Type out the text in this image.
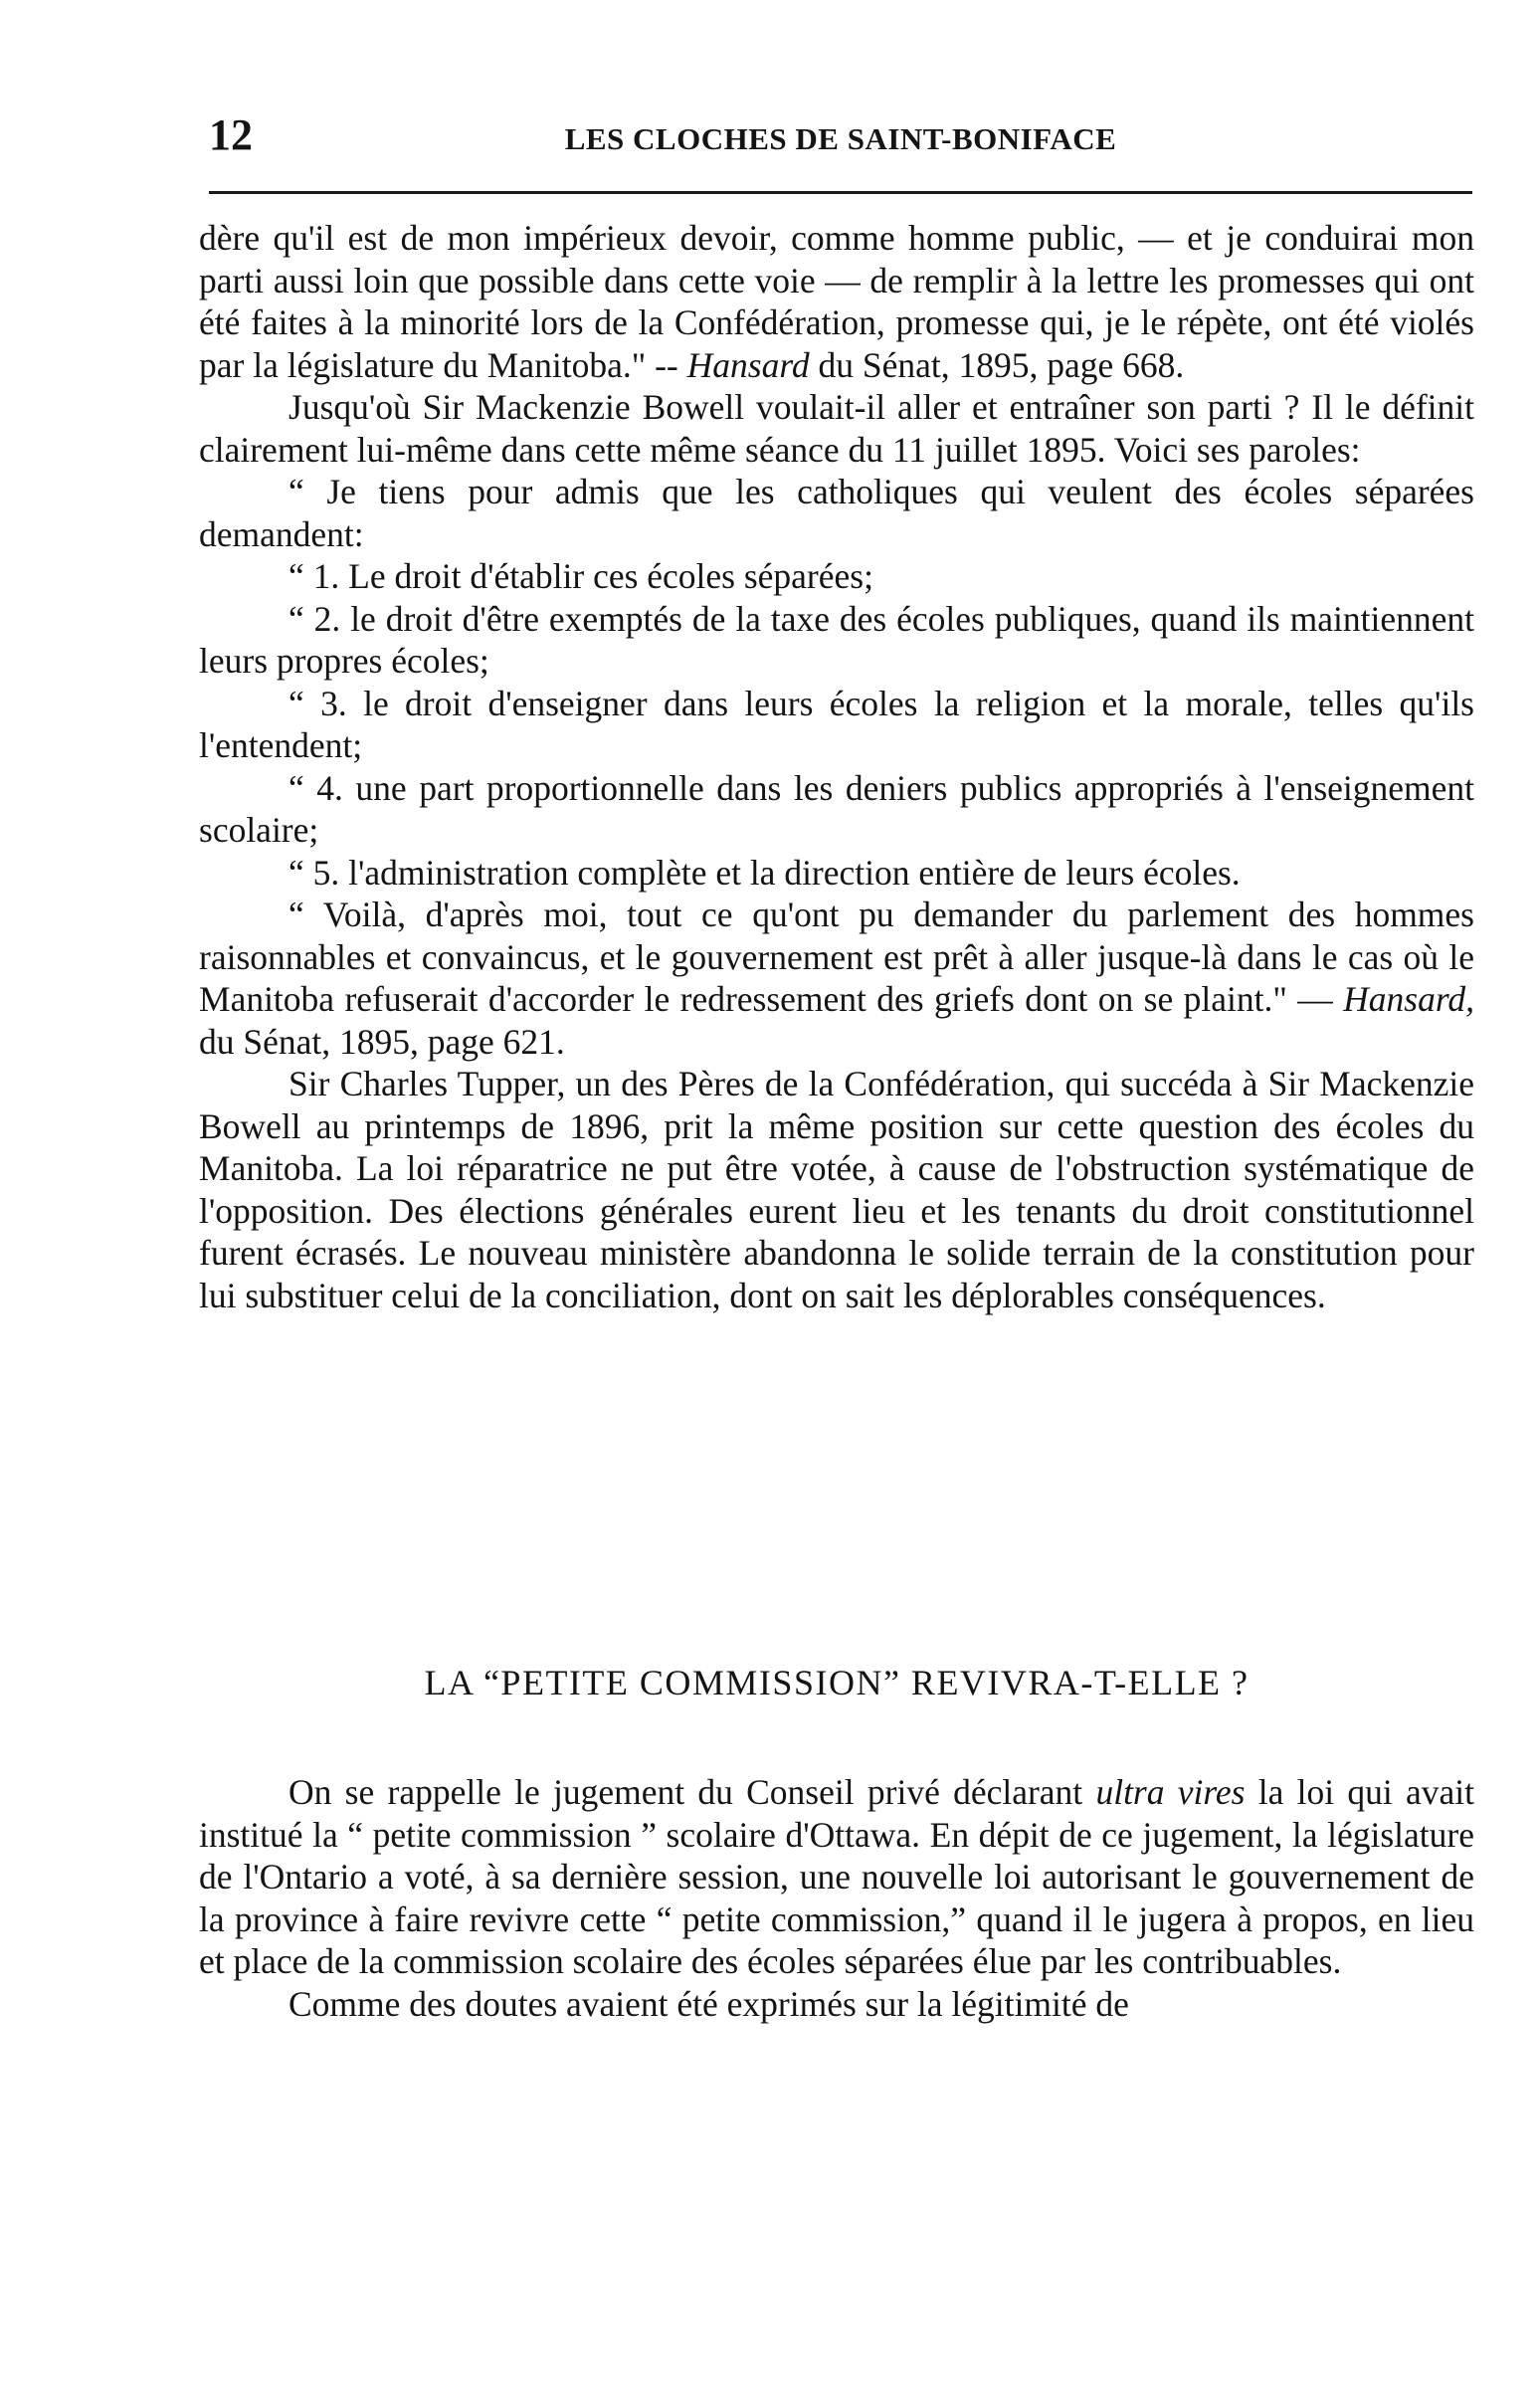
12	LES CLOCHES DE SAINT-BONIFACE

dère qu'il est de mon impérieux devoir, comme homme public, — et je conduirai mon parti aussi loin que possible dans cette voie — de remplir à la lettre les promesses qui ont été faites à la minorité lors de la Confédération, promesse qui, je le répète, ont été violés par la législature du Manitoba." -- Hansard du Sénat, 1895, page 668.

Jusqu'où Sir Mackenzie Bowell voulait-il aller et entraîner son parti ? Il le définit clairement lui-même dans cette même séance du 11 juillet 1895. Voici ses paroles:

“ Je tiens pour admis que les catholiques qui veulent des écoles séparées demandent:

“ 1. Le droit d'établir ces écoles séparées;

“ 2. le droit d'être exemptés de la taxe des écoles publiques, quand ils maintiennent leurs propres écoles;

“ 3. le droit d'enseigner dans leurs écoles la religion et la morale, telles qu'ils l'entendent;

“ 4. une part proportionnelle dans les deniers publics appropriés à l'enseignement scolaire;

“ 5. l'administration complète et la direction entière de leurs écoles.

“ Voilà, d'après moi, tout ce qu'ont pu demander du parlement des hommes raisonnables et convaincus, et le gouvernement est prêt à aller jusque-là dans le cas où le Manitoba refuserait d'accorder le redressement des griefs dont on se plaint." — Hansard, du Sénat, 1895, page 621.

Sir Charles Tupper, un des Pères de la Confédération, qui succéda à Sir Mackenzie Bowell au printemps de 1896, prit la même position sur cette question des écoles du Manitoba. La loi réparatrice ne put être votée, à cause de l'obstruction systématique de l'opposition. Des élections générales eurent lieu et les tenants du droit constitutionnel furent écrasés. Le nouveau ministère abandonna le solide terrain de la constitution pour lui substituer celui de la conciliation, dont on sait les déplorables conséquences.

LA “PETITE COMMISSION” REVIVRA-T-ELLE ?

On se rappelle le jugement du Conseil privé déclarant ultra vires la loi qui avait institué la “ petite commission ” scolaire d'Ottawa. En dépit de ce jugement, la législature de l'Ontario a voté, à sa dernière session, une nouvelle loi autorisant le gouvernement de la province à faire revivre cette “ petite commission,” quand il le jugera à propos, en lieu et place de la commission scolaire des écoles séparées élue par les contribuables.

Comme des doutes avaient été exprimés sur la légitimité de
